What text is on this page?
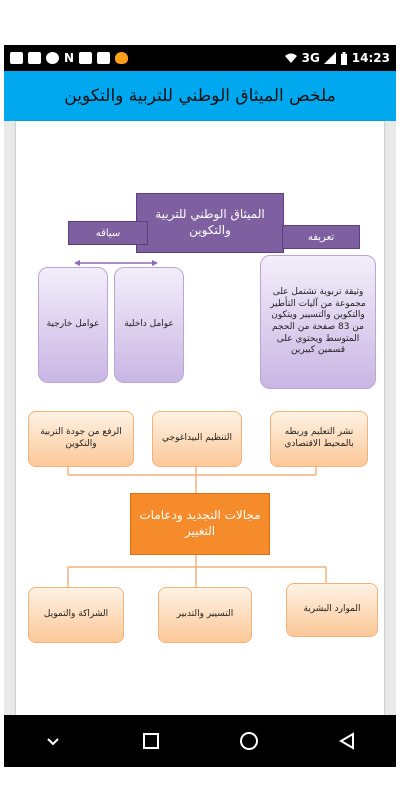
N	3G	14:23
ملخص الميثاق الوطني للتربية والتكوين
الميثاق الوطني للتربية والتكوين	تعريفه
سياقه
وثيقة تربوية تشتمل على مجموعة من آليات التأطير والتكوين والتسيير ويتكون من 83 صفحة من الحجم المتوسط ويحتوي على قسمين كبيرين
عوامل داخلية
عوامل خارجية
نشر التعليم وربطه بالمحيط الاقتصادي
التنظيم البيداغوجي
الرفع من جودة التربية والتكوين
مجالات التجديد ودعامات التغيير
الموارد البشرية
التسيير والتدبير
الشراكة والتمويل
